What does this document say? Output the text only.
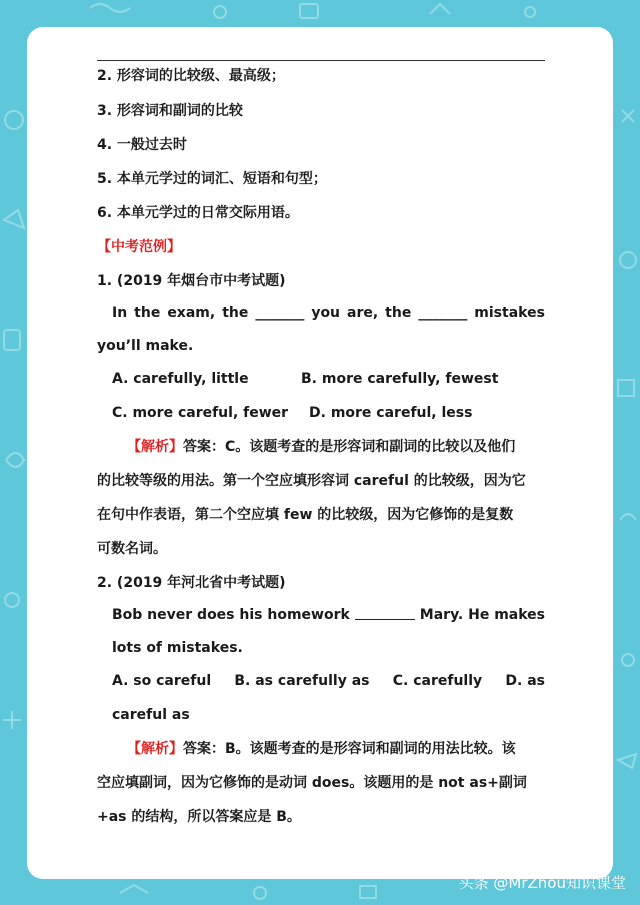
2. 形容词的比较级、最高级；
3. 形容词和副词的比较
4. 一般过去时
5. 本单元学过的词汇、短语和句型；
6. 本单元学过的日常交际用语。
【中考范例】
1. (2019 年烟台市中考试题)
In the exam, the _______ you are, the _______ mistakes
you’ll make.
A. carefully, little	B. more carefully, fewest
C. more careful, fewer D. more careful, less
【解析】答案：C。该题考查的是形容词和副词的比较以及他们
的比较等级的用法。第一个空应填形容词 careful 的比较级，因为它
在句中作表语，第二个空应填 few 的比较级，因为它修饰的是复数
可数名词。
2. (2019 年河北省中考试题)
Bob never does his homework	Mary. He makes
lots of mistakes.
A. so careful B. as carefully as C. carefully D. as
careful as
【解析】答案：B。该题考查的是形容词和副词的用法比较。该
空应填副词，因为它修饰的是动词 does。该题用的是 not as+副词
+as 的结构，所以答案应是 B。
头条 @MrZhou知识课堂
